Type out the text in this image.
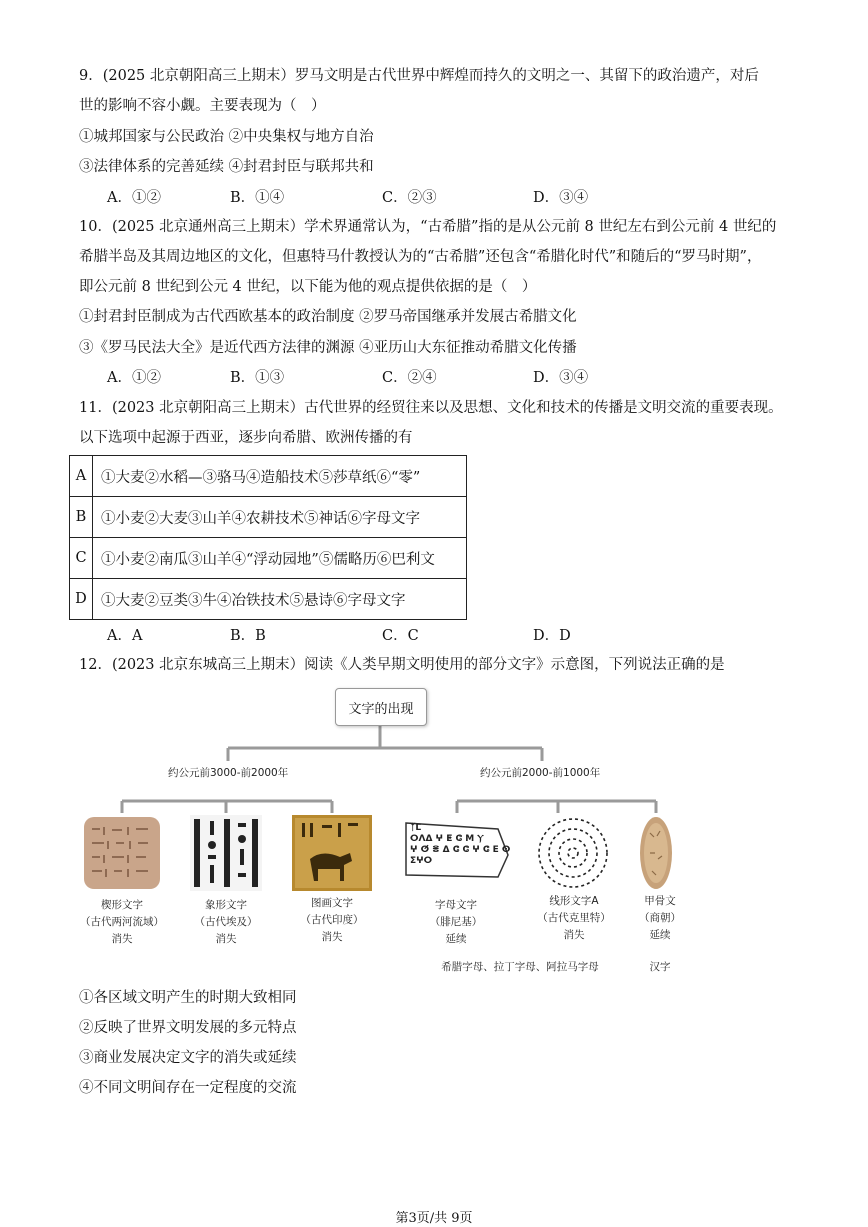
9．(2025 北京朝阳高三上期末）罗马文明是古代世界中辉煌而持久的文明之一、其留下的政治遗产，对后
世的影响不容小觑。主要表现为（　）
①城邦国家与公民政治 ②中央集权与地方自治
③法律体系的完善延续 ④封君封臣与联邦共和
A．①②	B．①④	C．②③	D．③④
10．(2025 北京通州高三上期末）学术界通常认为，“古希腊”指的是从公元前 8 世纪左右到公元前 4 世纪的
希腊半岛及其周边地区的文化，但惠特马什教授认为的“古希腊”还包含“希腊化时代”和随后的“罗马时期”，
即公元前 8 世纪到公元 4 世纪，以下能为他的观点提供依据的是（　）
①封君封臣制成为古代西欧基本的政治制度 ②罗马帝国继承并发展古希腊文化
③《罗马民法大全》是近代西方法律的渊源 ④亚历山大东征推动希腊文化传播
A．①②	B．①③	C．②④	D．③④
11．(2023 北京朝阳高三上期末）古代世界的经贸往来以及思想、文化和技术的传播是文明交流的重要表现。
以下选项中起源于西亚，逐步向希腊、欧洲传播的有
A	①大麦②水稻—③骆马④造船技术⑤莎草纸⑥“零”
B	①小麦②大麦③山羊④农耕技术⑤神话⑥字母文字
C	①小麦②南瓜③山羊④“浮动园地”⑤儒略历⑥巴利文
D	①大麦②豆类③牛④冶铁技术⑤悬诗⑥字母文字
A．A	B．B	C．C	D．D
12．(2023 北京东城高三上期末）阅读《人类早期文明使用的部分文字》示意图，下列说法正确的是
文字的出现
约公元前3000-前2000年	约公元前2000-前1000年
ᛉⵎ
ⵔɅⵠ ⵖ ⵟ ⵛ Ⅿ Ⲩ
ⵖ ⵚ ⴻ ⵠ ⵛ ⵛ ⵖ ⵛ ⴹ ⵙ
ⵉⵖⵔ
楔形文字
（古代两河流域）
消失
象形文字
（古代埃及）
消失
图画文字
（古代印度）
消失
字母文字
（腓尼基）
延续
线形文字A
（古代克里特）
消失
甲骨文
（商朝）
延续
希腊字母、拉丁字母、阿拉马字母	汉字
①各区域文明产生的时期大致相同
②反映了世界文明发展的多元特点
③商业发展决定文字的消失或延续
④不同文明间存在一定程度的交流
第3页/共 9页
